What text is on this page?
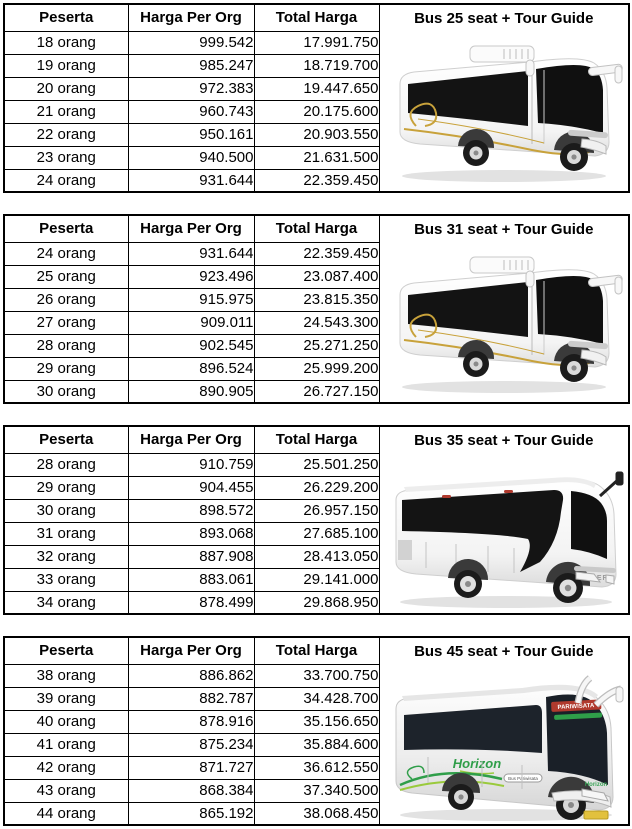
Peserta	Harga Per Org	Total Harga	Bus 25 seat + Tour Guide

18 orang	999.542	17.991.750	
19 orang	985.247	18.719.700	
20 orang	972.383	19.447.650	
21 orang	960.743	20.175.600	
22 orang	950.161	20.903.550	
23 orang	940.500	21.631.500	
24 orang	931.644	22.359.450	
Peserta	Harga Per Org	Total Harga	Bus 31 seat + Tour Guide

24 orang	931.644	22.359.450	
25 orang	923.496	23.087.400	
26 orang	915.975	23.815.350	
27 orang	909.011	24.543.300	
28 orang	902.545	25.271.250	
29 orang	896.524	25.999.200	
30 orang	890.905	26.727.150	
Peserta	Harga Per Org	Total Harga	Bus 35 seat + Tour Guide

28 orang	910.759	25.501.250	
29 orang	904.455	26.229.200	
30 orang	898.572	26.957.150	
31 orang	893.068	27.685.100	
32 orang	887.908	28.413.050	
33 orang	883.061	29.141.000	
34 orang	878.499	29.868.950	
Peserta	Harga Per Org	Total Harga	Bus 45 seat + Tour Guide
PARIWISATA
Horizon
Bus Pariwisata
Horizon

38 orang	886.862	33.700.750	
39 orang	882.787	34.428.700	
40 orang	878.916	35.156.650	
41 orang	875.234	35.884.600	
42 orang	871.727	36.612.550	
43 orang	868.384	37.340.500	
44 orang	865.192	38.068.450	
